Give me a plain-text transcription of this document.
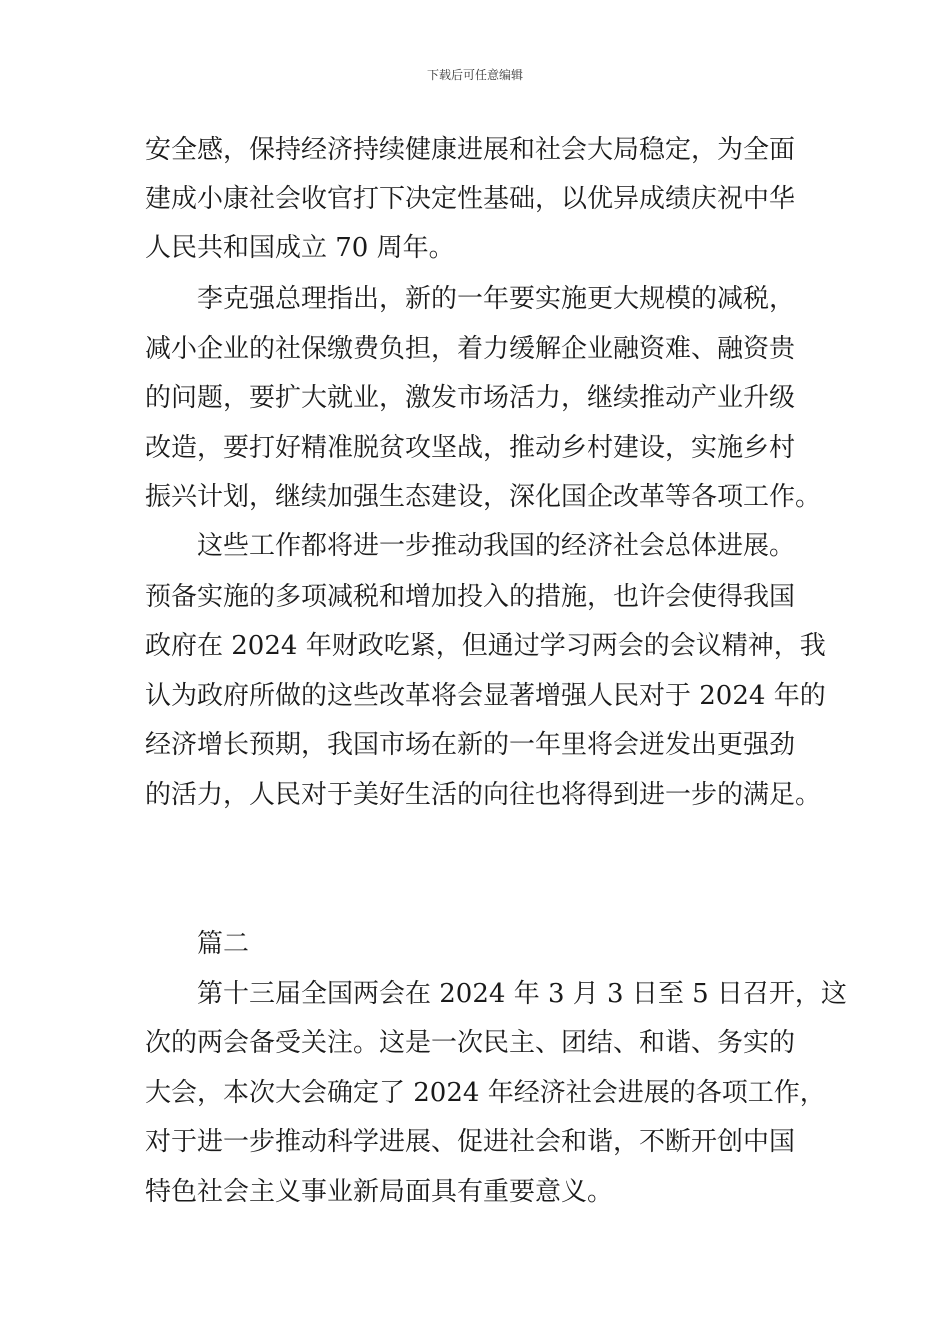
下载后可任意编辑
安全感，保持经济持续健康进展和社会大局稳定，为全面
建成小康社会收官打下决定性基础，以优异成绩庆祝中华
人民共和国成立 70 周年。
李克强总理指出，新的一年要实施更大规模的减税，
减小企业的社保缴费负担，着力缓解企业融资难、融资贵
的问题，要扩大就业，激发市场活力，继续推动产业升级
改造，要打好精准脱贫攻坚战，推动乡村建设，实施乡村
振兴计划，继续加强生态建设，深化国企改革等各项工作。
这些工作都将进一步推动我国的经济社会总体进展。
预备实施的多项减税和增加投入的措施，也许会使得我国
政府在 2024 年财政吃紧，但通过学习两会的会议精神，我
认为政府所做的这些改革将会显著增强人民对于 2024 年的
经济增长预期，我国市场在新的一年里将会迸发出更强劲
的活力，人民对于美好生活的向往也将得到进一步的满足。
篇二
第十三届全国两会在 2024 年 3 月 3 日至 5 日召开，这
次的两会备受关注。这是一次民主、团结、和谐、务实的
大会，本次大会确定了 2024 年经济社会进展的各项工作，
对于进一步推动科学进展、促进社会和谐，不断开创中国
特色社会主义事业新局面具有重要意义。
